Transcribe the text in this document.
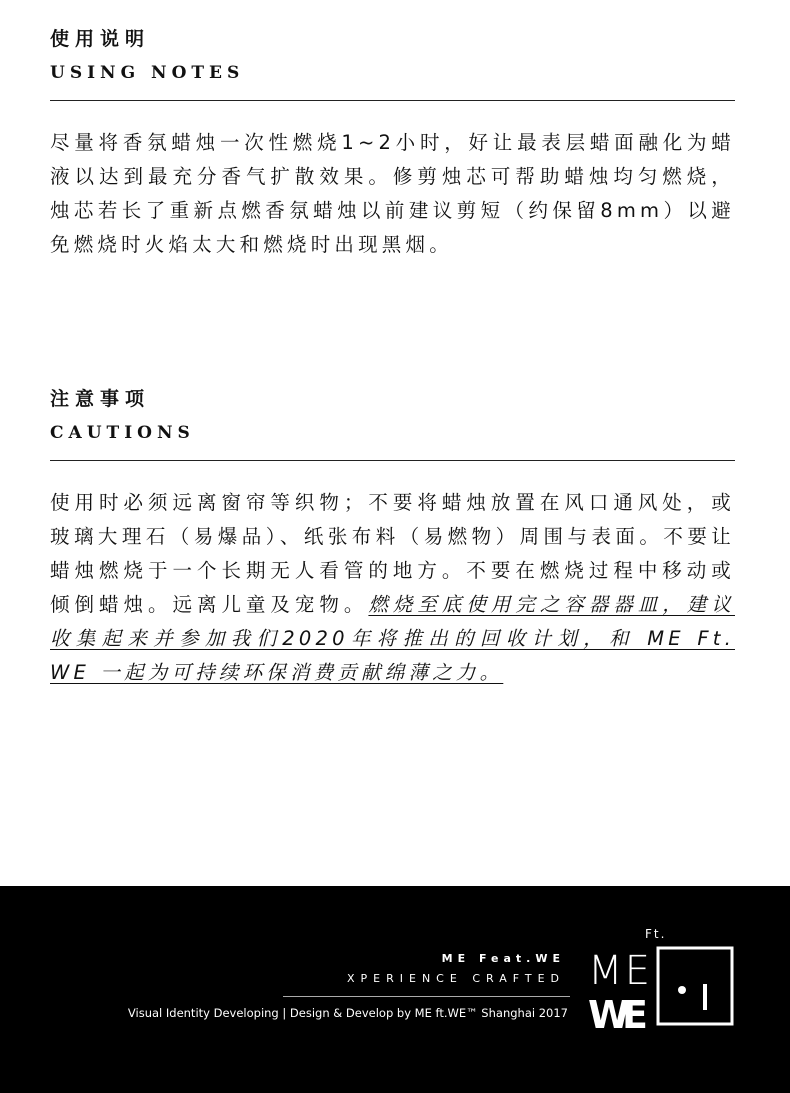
使用说明
USING NOTES

尽量将香氛蜡烛一次性燃烧1~2小时，好让最表层蜡面融化为蜡液以达到最充分香气扩散效果。修剪烛芯可帮助蜡烛均匀燃烧，烛芯若长了重新点燃香氛蜡烛以前建议剪短（约保留8mm）以避免燃烧时火焰太大和燃烧时出现黑烟。

注意事项
CAUTIONS

使用时必须远离窗帘等织物；不要将蜡烛放置在风口通风处，或玻璃大理石（易爆品）、纸张布料（易燃物）周围与表面。不要让蜡烛燃烧于一个长期无人看管的地方。不要在燃烧过程中移动或倾倒蜡烛。远离儿童及宠物。燃烧至底使用完之容器器皿，建议收集起来并参加我们2020年将推出的回收计划，和 ME Ft. WE 一起为可持续环保消费贡献绵薄之力。

ME Feat.WE
XPERIENCE CRAFTED
Visual Identity Developing | Design & Develop by ME ft.WE™ Shanghai 2017
Ft.
ME
WE
